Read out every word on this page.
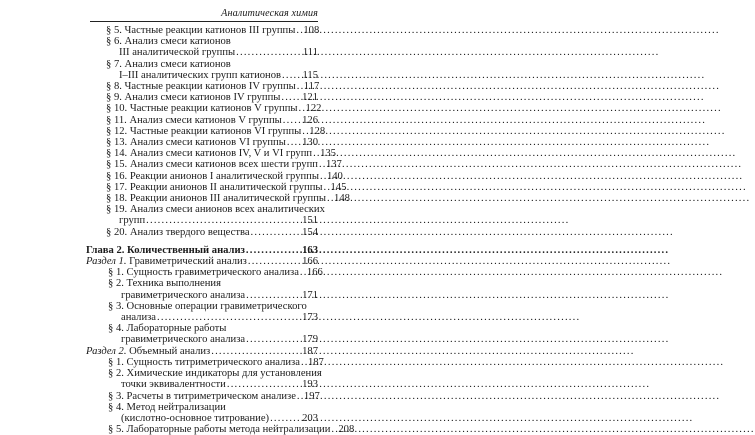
Аналитическая химия
§ 5. Частные реакции катионов III группы ..... 108
§ 6. Анализ смеси катионов
III аналитической группы .....	111
§ 7. Анализ смеси катионов
I–III аналитических групп катионов ..... 115
§ 8. Частные реакции катионов IV группы ..... 117
§ 9. Анализ смеси катионов IV группы ..... 121
§ 10. Частные реакции катионов V группы ..... 122
§ 11. Анализ смеси катионов V группы ..... 126
§ 12. Частные реакции катионов VI группы ..... 128
§ 13. Анализ смеси катионов VI группы ..... 130
§ 14. Анализ смеси катионов IV, V и VI групп ..... 135
§ 15. Анализ смеси катионов всех шести групп ..... 137
§ 16. Реакции анионов I аналитической группы ..... 140
§ 17. Реакции анионов II аналитической группы ..... 145
§ 18. Реакции анионов III аналитической группы ..... 148
§ 19. Анализ смеси анионов всех аналитических
групп .....	151
§ 20. Анализ твердого вещества .....	154
Глава 2. Количественный анализ .....	163
Раздел 1. Гравиметрический анализ .....	166
§ 1. Сущность гравиметрического анализа ..... 166
§ 2. Техника выполнения
гравиметрического анализа .....	171
§ 3. Основные операции гравиметрического
анализа .....	173
§ 4. Лабораторные работы
гравиметрического анализа .....	179
Раздел 2. Объемный анализ .....	187
§ 1. Сущность титриметрического анализа ..... 187
§ 2. Химические индикаторы для установления
точки эквивалентности .....	193
§ 3. Расчеты в титриметрическом анализе ..... 197
§ 4. Метод нейтрализации
(кислотно-основное титрование) .....	203
§ 5. Лабораторные работы метода нейтрализации ..... 208
